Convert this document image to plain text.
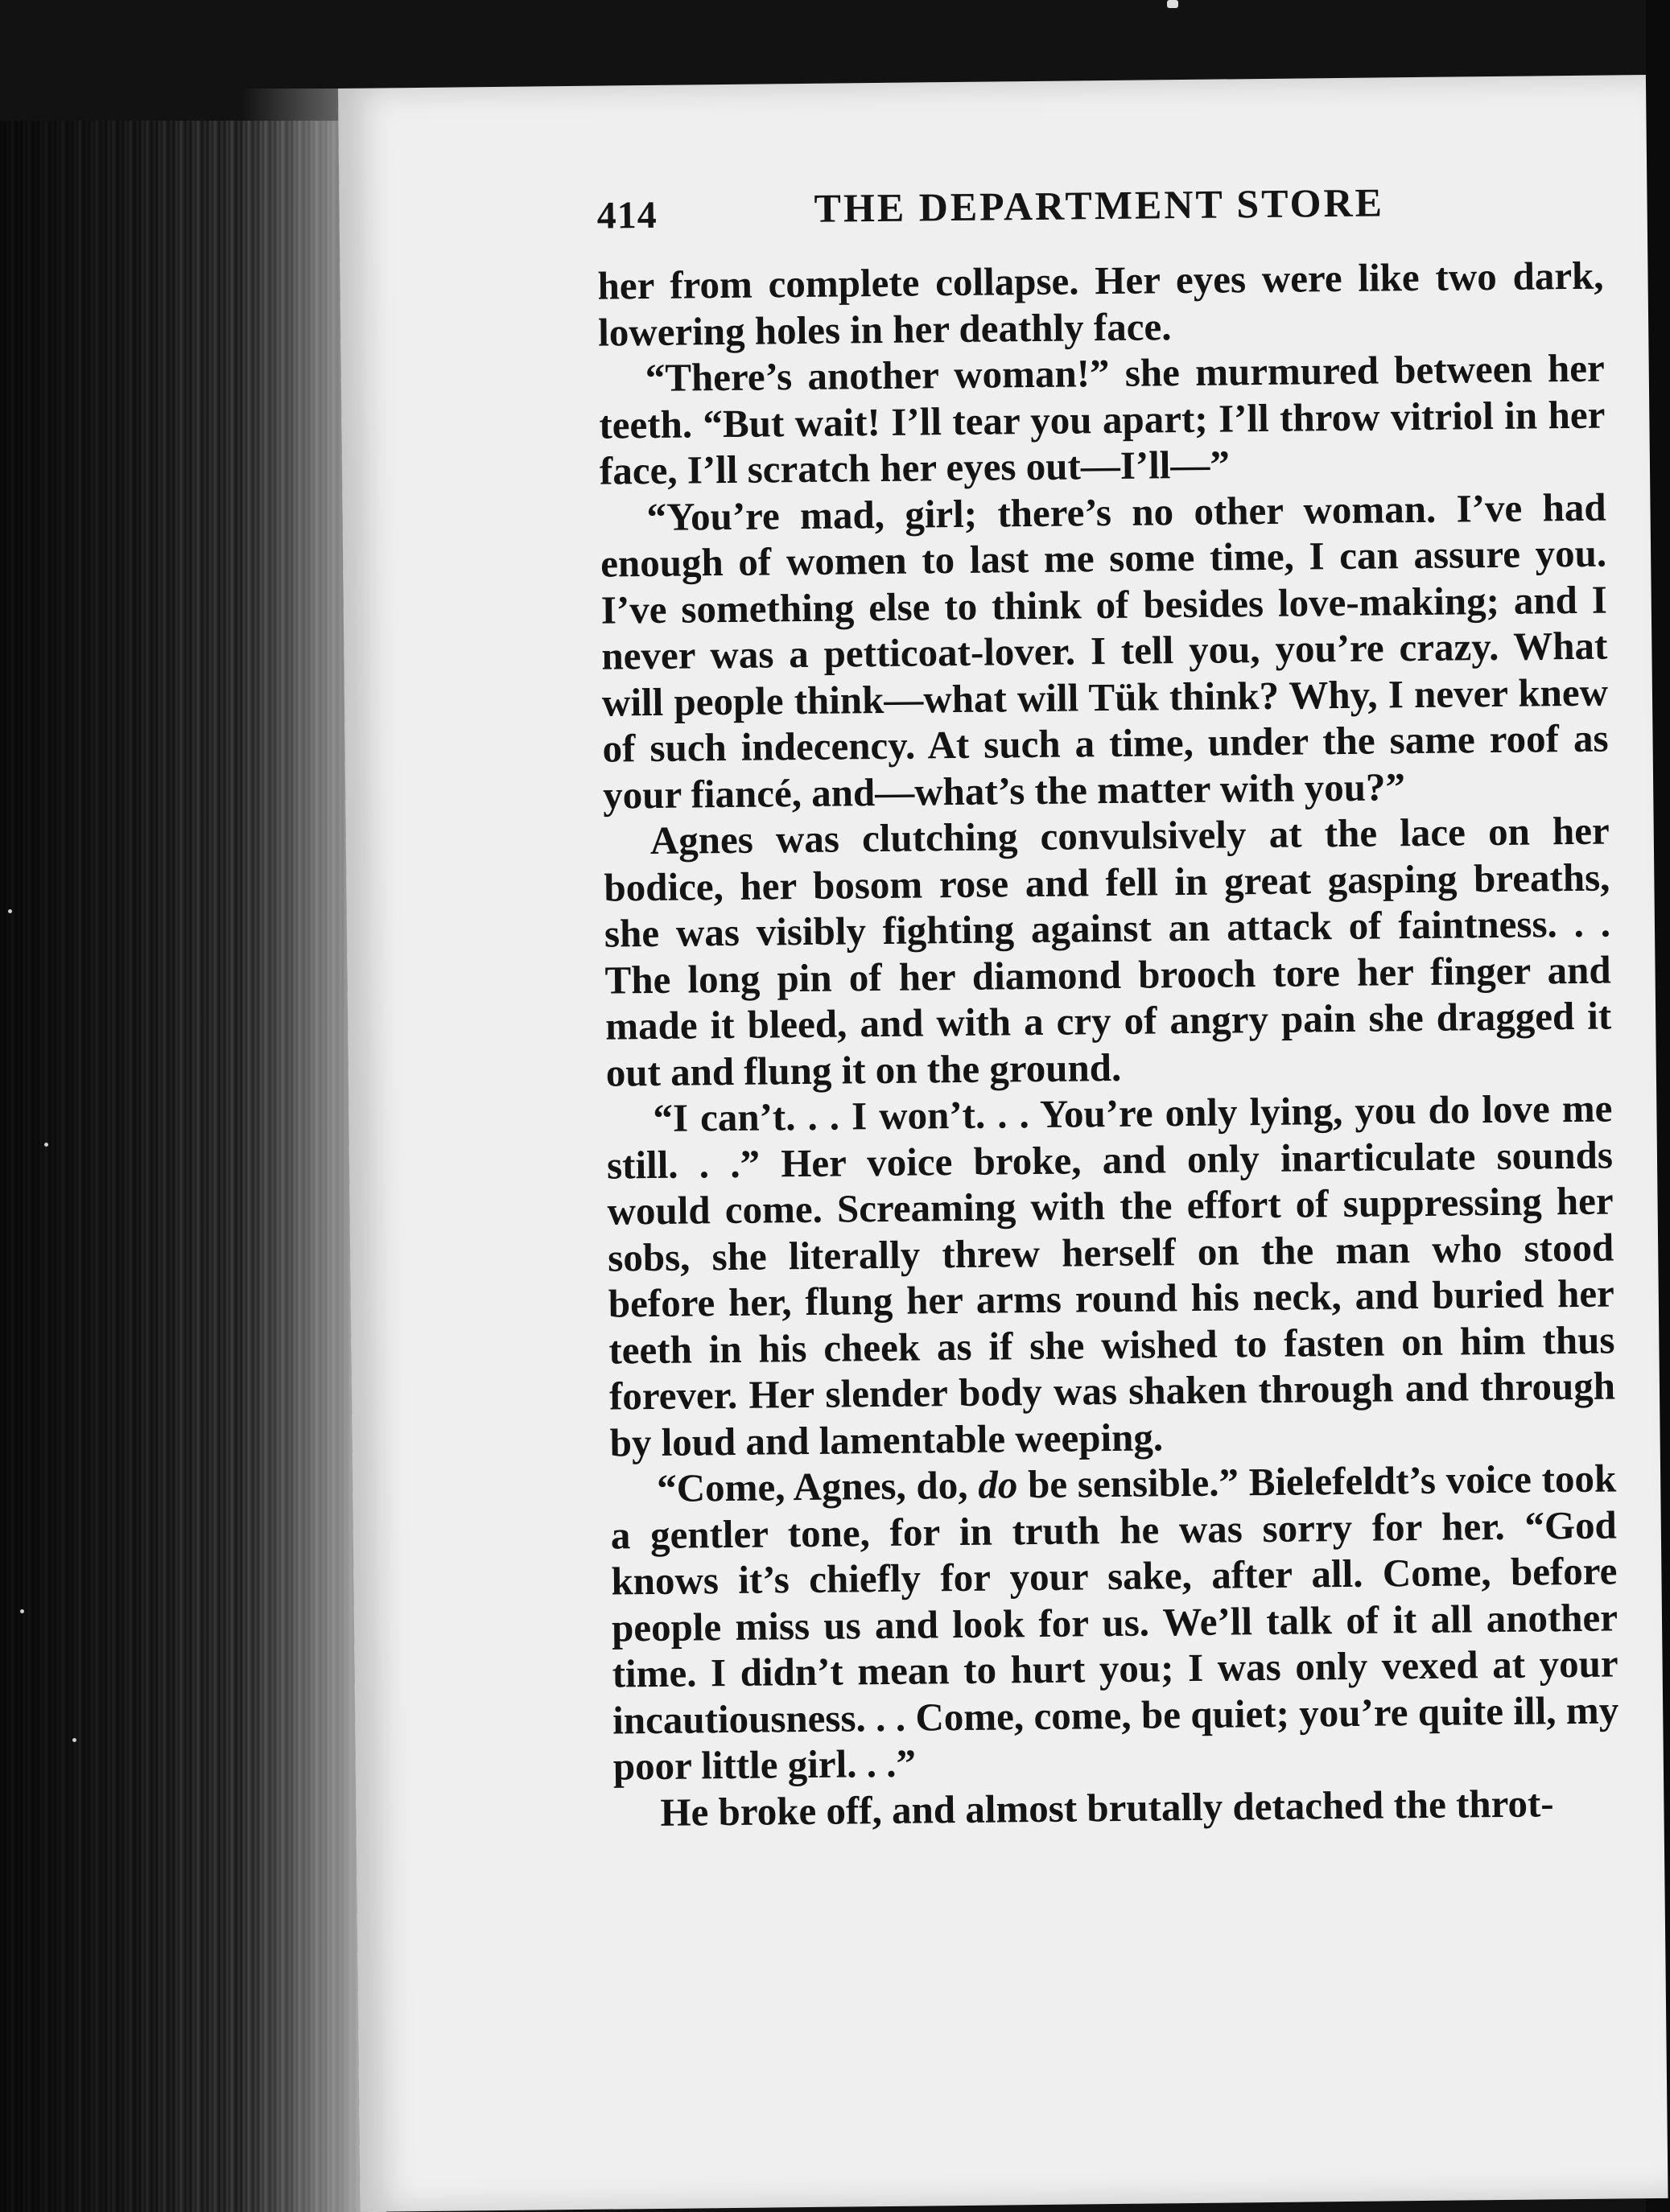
414	THE DEPARTMENT STORE

her from complete collapse. Her eyes were like two dark, lowering holes in her deathly face.

“There’s another woman!” she murmured between her teeth. “But wait! I’ll tear you apart; I’ll throw vitriol in her face, I’ll scratch her eyes out—I’ll—”

“You’re mad, girl; there’s no other woman. I’ve had enough of women to last me some time, I can assure you. I’ve something else to think of besides love-making; and I never was a petticoat-lover. I tell you, you’re crazy. What will people think—what will Tük think? Why, I never knew of such indecency. At such a time, under the same roof as your fiancé, and—what’s the matter with you?”

Agnes was clutching convulsively at the lace on her bodice, her bosom rose and fell in great gasping breaths, she was visibly fighting against an attack of faintness. . . The long pin of her diamond brooch tore her finger and made it bleed, and with a cry of angry pain she dragged it out and flung it on the ground.

“I can’t. . . I won’t. . . You’re only lying, you do love me still. . .” Her voice broke, and only inarticulate sounds would come. Screaming with the effort of suppressing her sobs, she literally threw herself on the man who stood before her, flung her arms round his neck, and buried her teeth in his cheek as if she wished to fasten on him thus forever. Her slender body was shaken through and through by loud and lamentable weeping.

“Come, Agnes, do, do be sensible.” Bielefeldt’s voice took a gentler tone, for in truth he was sorry for her. “God knows it’s chiefly for your sake, after all. Come, before people miss us and look for us. We’ll talk of it all another time. I didn’t mean to hurt you; I was only vexed at your incautiousness. . . Come, come, be quiet; you’re quite ill, my poor little girl. . .”

He broke off, and almost brutally detached the throt-
